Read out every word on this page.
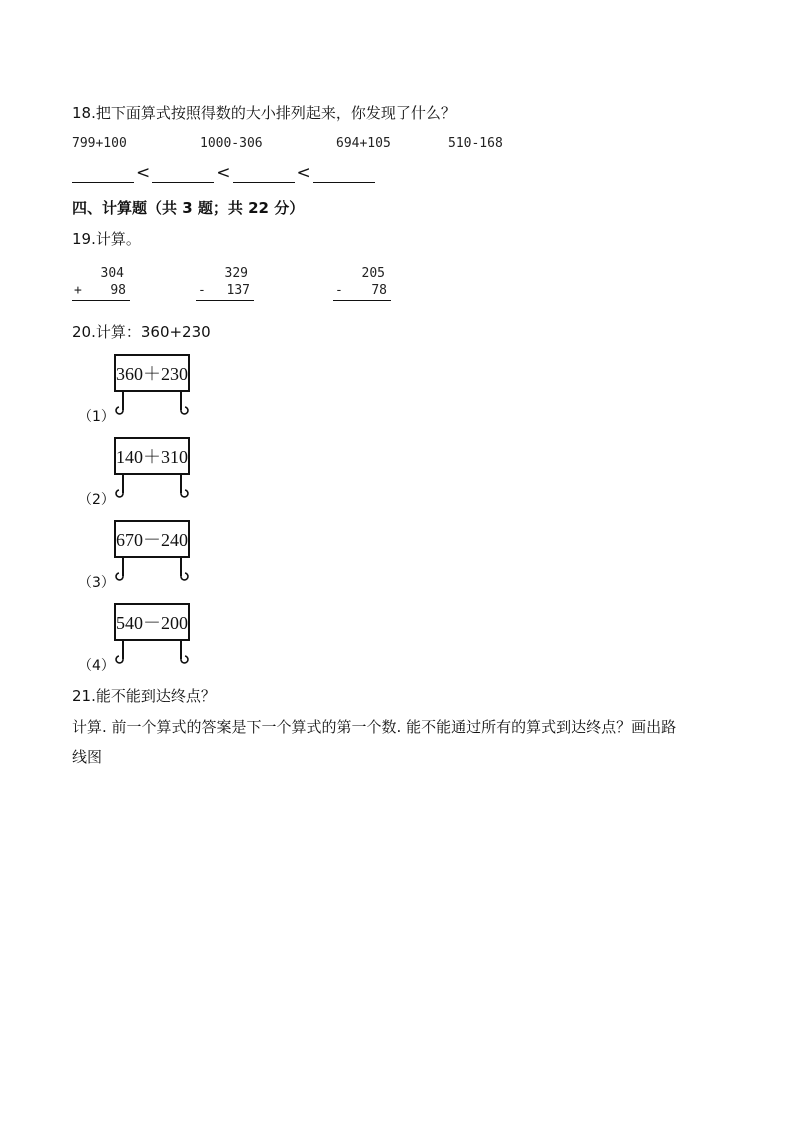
18.把下面算式按照得数的大小排列起来，你发现了什么？
799+100	1000-306	694+105	510-168
<	<	<
四、计算题（共 3 题；共 22 分）
19.计算。
304
+ 98
329
- 137
205
- 78
20.计算：360+230
360＋230
（1）
140＋310
（2）
670－240
（3）
540－200
（4）
21.能不能到达终点？
计算. 前一个算式的答案是下一个算式的第一个数. 能不能通过所有的算式到达终点？画出路
线图
